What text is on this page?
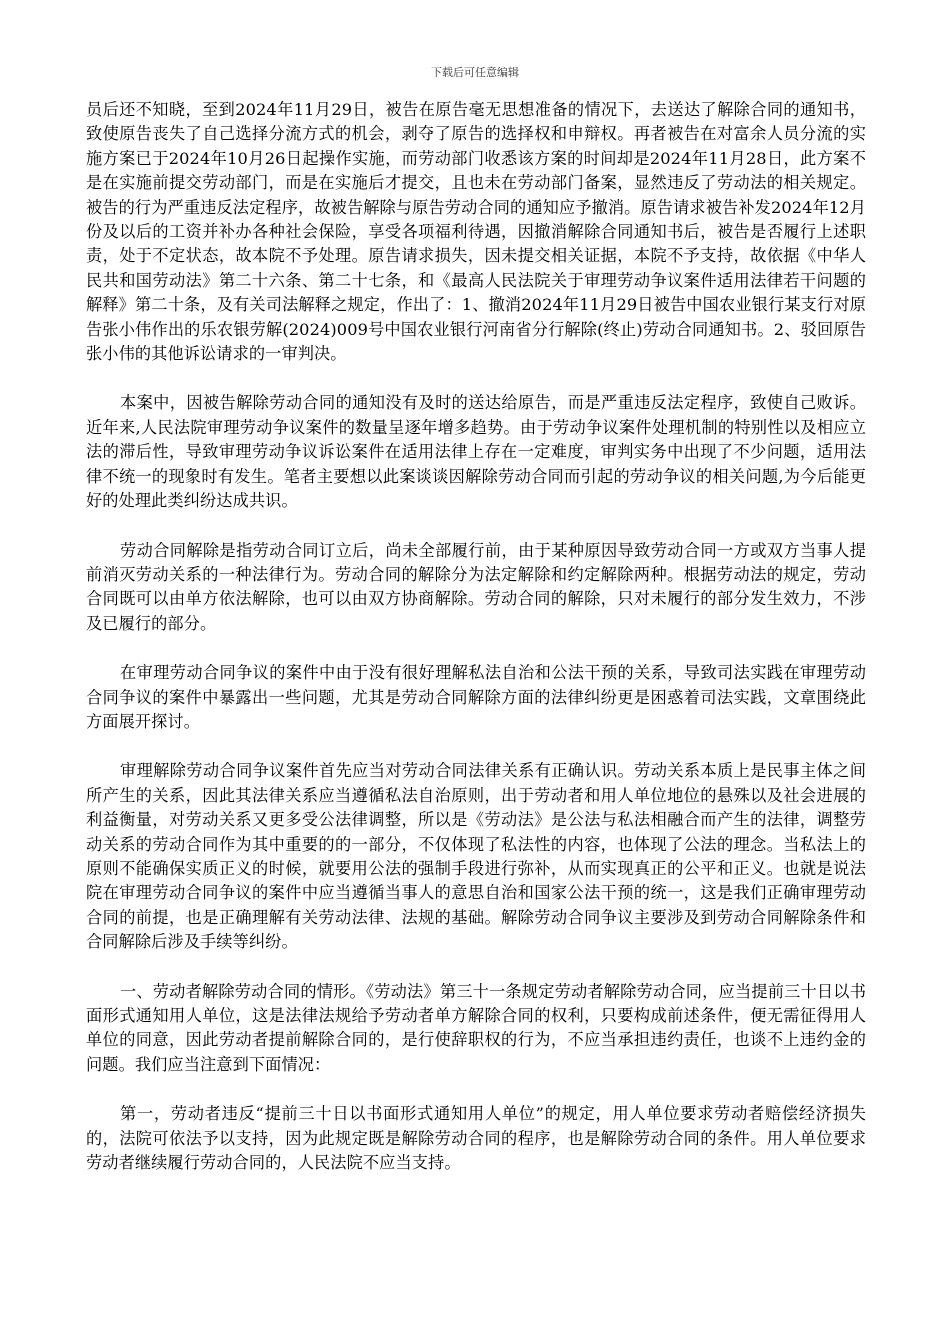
下载后可任意编辑

员后还不知晓，至到2024年11月29日，被告在原告毫无思想准备的情况下，去送达了解除合同的通知书，致使原告丧失了自己选择分流方式的机会，剥夺了原告的选择权和申辩权。再者被告在对富余人员分流的实施方案已于2024年10月26日起操作实施，而劳动部门收悉该方案的时间却是2024年11月28日，此方案不是在实施前提交劳动部门，而是在实施后才提交，且也未在劳动部门备案，显然违反了劳动法的相关规定。被告的行为严重违反法定程序，故被告解除与原告劳动合同的通知应予撤消。原告请求被告补发2024年12月份及以后的工资并补办各种社会保险，享受各项福利待遇，因撤消解除合同通知书后，被告是否履行上述职责，处于不定状态，故本院不予处理。原告请求损失，因未提交相关证据，本院不予支持，故依据《中华人民共和国劳动法》第二十六条、第二十七条，和《最高人民法院关于审理劳动争议案件适用法律若干问题的解释》第二十条，及有关司法解释之规定，作出了：1、撤消2024年11月29日被告中国农业银行某支行对原告张小伟作出的乐农银劳解(2024)009号中国农业银行河南省分行解除(终止)劳动合同通知书。2、驳回原告张小伟的其他诉讼请求的一审判决。

本案中，因被告解除劳动合同的通知没有及时的送达给原告，而是严重违反法定程序，致使自己败诉。近年来,人民法院审理劳动争议案件的数量呈逐年增多趋势。由于劳动争议案件处理机制的特别性以及相应立法的滞后性，导致审理劳动争议诉讼案件在适用法律上存在一定难度，审判实务中出现了不少问题，适用法律不统一的现象时有发生。笔者主要想以此案谈谈因解除劳动合同而引起的劳动争议的相关问题,为今后能更好的处理此类纠纷达成共识。

劳动合同解除是指劳动合同订立后，尚未全部履行前，由于某种原因导致劳动合同一方或双方当事人提前消灭劳动关系的一种法律行为。劳动合同的解除分为法定解除和约定解除两种。根据劳动法的规定，劳动合同既可以由单方依法解除，也可以由双方协商解除。劳动合同的解除，只对未履行的部分发生效力，不涉及已履行的部分。

在审理劳动合同争议的案件中由于没有很好理解私法自治和公法干预的关系，导致司法实践在审理劳动合同争议的案件中暴露出一些问题，尤其是劳动合同解除方面的法律纠纷更是困惑着司法实践，文章围绕此方面展开探讨。

审理解除劳动合同争议案件首先应当对劳动合同法律关系有正确认识。劳动关系本质上是民事主体之间所产生的关系，因此其法律关系应当遵循私法自治原则，出于劳动者和用人单位地位的悬殊以及社会进展的利益衡量，对劳动关系又更多受公法律调整，所以是《劳动法》是公法与私法相融合而产生的法律，调整劳动关系的劳动合同作为其中重要的的一部分，不仅体现了私法性的内容，也体现了公法的理念。当私法上的原则不能确保实质正义的时候，就要用公法的强制手段进行弥补，从而实现真正的公平和正义。也就是说法院在审理劳动合同争议的案件中应当遵循当事人的意思自治和国家公法干预的统一，这是我们正确审理劳动合同的前提，也是正确理解有关劳动法律、法规的基础。解除劳动合同争议主要涉及到劳动合同解除条件和合同解除后涉及手续等纠纷。

一、劳动者解除劳动合同的情形。《劳动法》第三十一条规定劳动者解除劳动合同，应当提前三十日以书面形式通知用人单位，这是法律法规给予劳动者单方解除合同的权利，只要构成前述条件，便无需征得用人单位的同意，因此劳动者提前解除合同的，是行使辞职权的行为，不应当承担违约责任，也谈不上违约金的问题。我们应当注意到下面情况：

第一，劳动者违反“提前三十日以书面形式通知用人单位”的规定，用人单位要求劳动者赔偿经济损失的，法院可依法予以支持，因为此规定既是解除劳动合同的程序，也是解除劳动合同的条件。用人单位要求劳动者继续履行劳动合同的，人民法院不应当支持。
